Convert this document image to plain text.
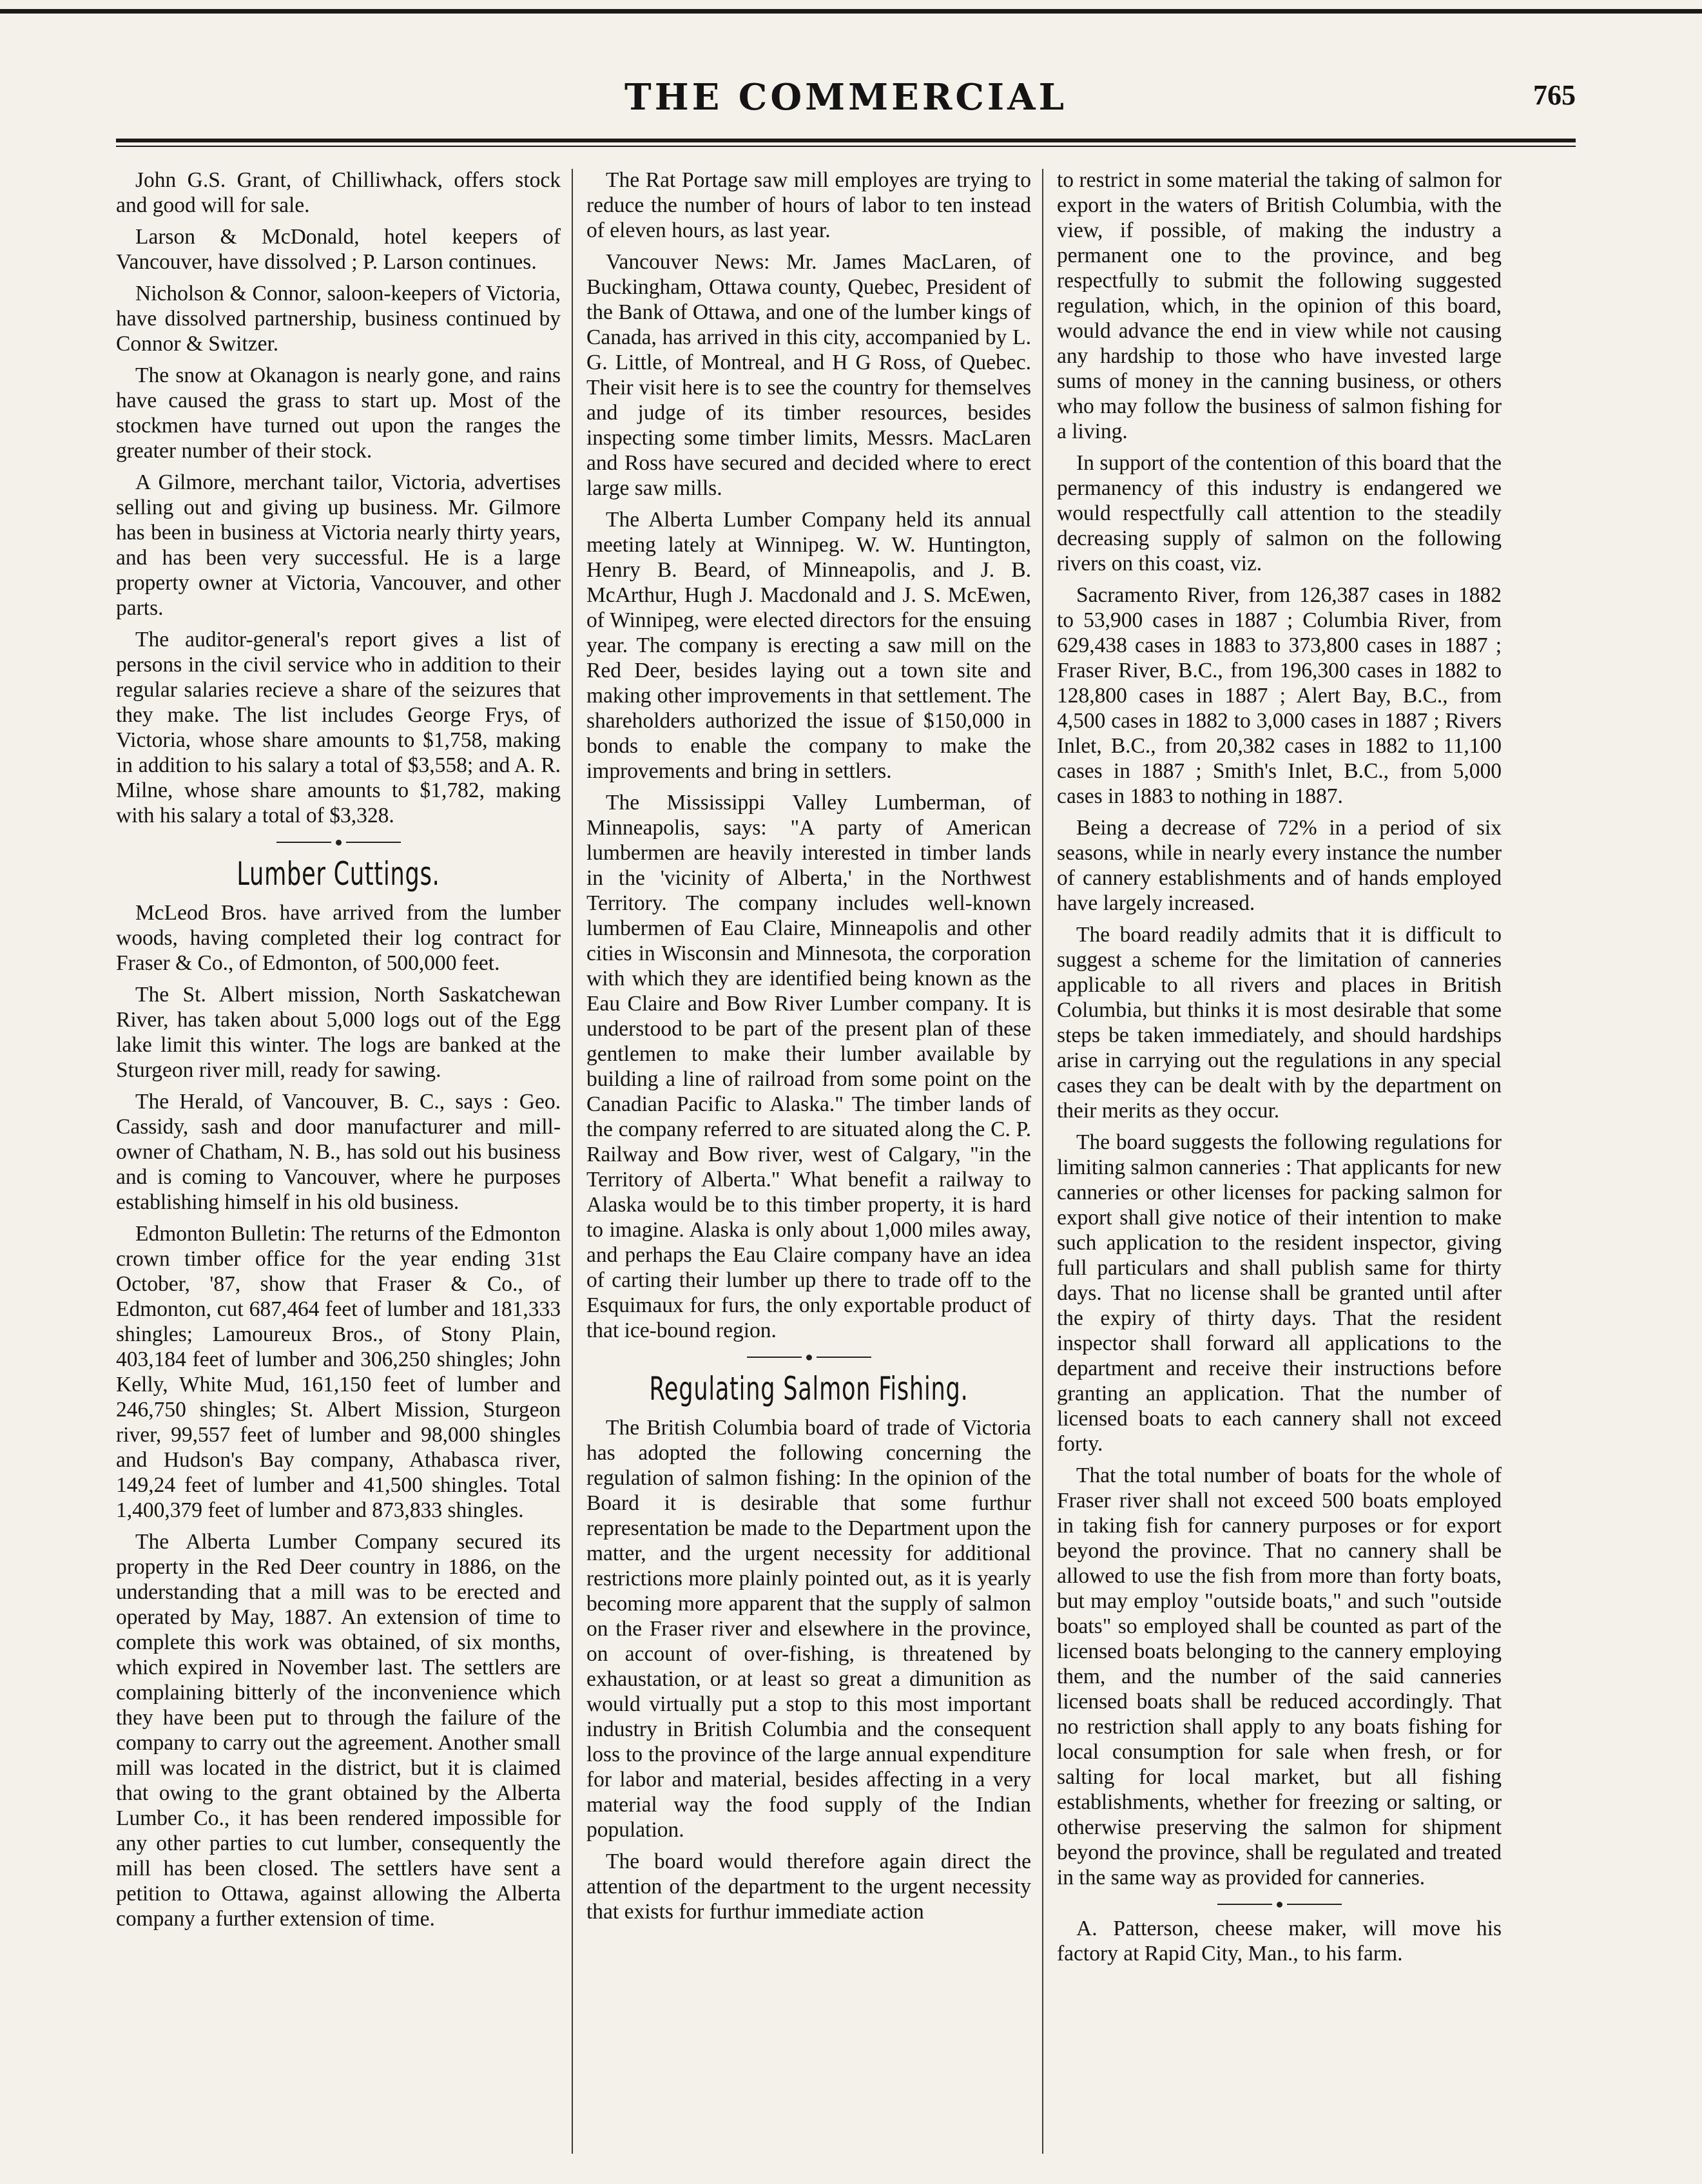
THE COMMERCIAL	765

John G.S. Grant, of Chilliwhack, offers stock and good will for sale.

Larson & McDonald, hotel keepers of Vancouver, have dissolved ; P. Larson continues.

Nicholson & Connor, saloon-keepers of Victoria, have dissolved partnership, business continued by Connor & Switzer.

The snow at Okanagon is nearly gone, and rains have caused the grass to start up. Most of the stockmen have turned out upon the ranges the greater number of their stock.

A Gilmore, merchant tailor, Victoria, advertises selling out and giving up business. Mr. Gilmore has been in business at Victoria nearly thirty years, and has been very successful. He is a large property owner at Victoria, Vancouver, and other parts.

The auditor-general's report gives a list of persons in the civil service who in addition to their regular salaries recieve a share of the seizures that they make. The list includes George Frys, of Victoria, whose share amounts to $1,758, making in addition to his salary a total of $3,558; and A. R. Milne, whose share amounts to $1,782, making with his salary a total of $3,328.

Lumber Cuttings.

McLeod Bros. have arrived from the lumber woods, having completed their log contract for Fraser & Co., of Edmonton, of 500,000 feet.

The St. Albert mission, North Saskatchewan River, has taken about 5,000 logs out of the Egg lake limit this winter. The logs are banked at the Sturgeon river mill, ready for sawing.

The Herald, of Vancouver, B. C., says : Geo. Cassidy, sash and door manufacturer and mill-owner of Chatham, N. B., has sold out his business and is coming to Vancouver, where he purposes establishing himself in his old business.

Edmonton Bulletin: The returns of the Edmonton crown timber office for the year ending 31st October, '87, show that Fraser & Co., of Edmonton, cut 687,464 feet of lumber and 181,333 shingles; Lamoureux Bros., of Stony Plain, 403,184 feet of lumber and 306,250 shingles; John Kelly, White Mud, 161,150 feet of lumber and 246,750 shingles; St. Albert Mission, Sturgeon river, 99,557 feet of lumber and 98,000 shingles and Hudson's Bay company, Athabasca river, 149,24 feet of lumber and 41,500 shingles. Total 1,400,379 feet of lumber and 873,833 shingles.

The Alberta Lumber Company secured its property in the Red Deer country in 1886, on the understanding that a mill was to be erected and operated by May, 1887. An extension of time to complete this work was obtained, of six months, which expired in November last. The settlers are complaining bitterly of the inconvenience which they have been put to through the failure of the company to carry out the agreement. Another small mill was located in the district, but it is claimed that owing to the grant obtained by the Alberta Lumber Co., it has been rendered impossible for any other parties to cut lumber, consequently the mill has been closed. The settlers have sent a petition to Ottawa, against allowing the Alberta company a further extension of time.

The Rat Portage saw mill employes are trying to reduce the number of hours of labor to ten instead of eleven hours, as last year.

Vancouver News: Mr. James MacLaren, of Buckingham, Ottawa county, Quebec, President of the Bank of Ottawa, and one of the lumber kings of Canada, has arrived in this city, accompanied by L. G. Little, of Montreal, and H G Ross, of Quebec. Their visit here is to see the country for themselves and judge of its timber resources, besides inspecting some timber limits, Messrs. MacLaren and Ross have secured and decided where to erect large saw mills.

The Alberta Lumber Company held its annual meeting lately at Winnipeg. W. W. Huntington, Henry B. Beard, of Minneapolis, and J. B. McArthur, Hugh J. Macdonald and J. S. McEwen, of Winnipeg, were elected directors for the ensuing year. The company is erecting a saw mill on the Red Deer, besides laying out a town site and making other improvements in that settlement. The shareholders authorized the issue of $150,000 in bonds to enable the company to make the improvements and bring in settlers.

The Mississippi Valley Lumberman, of Minneapolis, says: "A party of American lumbermen are heavily interested in timber lands in the 'vicinity of Alberta,' in the Northwest Territory. The company includes well-known lumbermen of Eau Claire, Minneapolis and other cities in Wisconsin and Minnesota, the corporation with which they are identified being known as the Eau Claire and Bow River Lumber company. It is understood to be part of the present plan of these gentlemen to make their lumber available by building a line of railroad from some point on the Canadian Pacific to Alaska." The timber lands of the company referred to are situated along the C. P. Railway and Bow river, west of Calgary, "in the Territory of Alberta." What benefit a railway to Alaska would be to this timber property, it is hard to imagine. Alaska is only about 1,000 miles away, and perhaps the Eau Claire company have an idea of carting their lumber up there to trade off to the Esquimaux for furs, the only exportable product of that ice-bound region.

Regulating Salmon Fishing.

The British Columbia board of trade of Victoria has adopted the following concerning the regulation of salmon fishing: In the opinion of the Board it is desirable that some furthur representation be made to the Department upon the matter, and the urgent necessity for additional restrictions more plainly pointed out, as it is yearly becoming more apparent that the supply of salmon on the Fraser river and elsewhere in the province, on account of over-fishing, is threatened by exhaustation, or at least so great a dimunition as would virtually put a stop to this most important industry in British Columbia and the consequent loss to the province of the large annual expenditure for labor and material, besides affecting in a very material way the food supply of the Indian population.

The board would therefore again direct the attention of the department to the urgent necessity that exists for furthur immediate action

to restrict in some material the taking of salmon for export in the waters of British Columbia, with the view, if possible, of making the industry a permanent one to the province, and beg respectfully to submit the following suggested regulation, which, in the opinion of this board, would advance the end in view while not causing any hardship to those who have invested large sums of money in the canning business, or others who may follow the business of salmon fishing for a living.

In support of the contention of this board that the permanency of this industry is endangered we would respectfully call attention to the steadily decreasing supply of salmon on the following rivers on this coast, viz.

Sacramento River, from 126,387 cases in 1882 to 53,900 cases in 1887 ; Columbia River, from 629,438 cases in 1883 to 373,800 cases in 1887 ; Fraser River, B.C., from 196,300 cases in 1882 to 128,800 cases in 1887 ; Alert Bay, B.C., from 4,500 cases in 1882 to 3,000 cases in 1887 ; Rivers Inlet, B.C., from 20,382 cases in 1882 to 11,100 cases in 1887 ; Smith's Inlet, B.C., from 5,000 cases in 1883 to nothing in 1887.

Being a decrease of 72% in a period of six seasons, while in nearly every instance the number of cannery establishments and of hands employed have largely increased.

The board readily admits that it is difficult to suggest a scheme for the limitation of canneries applicable to all rivers and places in British Columbia, but thinks it is most desirable that some steps be taken immediately, and should hardships arise in carrying out the regulations in any special cases they can be dealt with by the department on their merits as they occur.

The board suggests the following regulations for limiting salmon canneries : That applicants for new canneries or other licenses for packing salmon for export shall give notice of their intention to make such application to the resident inspector, giving full particulars and shall publish same for thirty days. That no license shall be granted until after the expiry of thirty days. That the resident inspector shall forward all applications to the department and receive their instructions before granting an application. That the number of licensed boats to each cannery shall not exceed forty.

That the total number of boats for the whole of Fraser river shall not exceed 500 boats employed in taking fish for cannery purposes or for export beyond the province. That no cannery shall be allowed to use the fish from more than forty boats, but may employ "outside boats," and such "outside boats" so employed shall be counted as part of the licensed boats belonging to the cannery employing them, and the number of the said canneries licensed boats shall be reduced accordingly. That no restriction shall apply to any boats fishing for local consumption for sale when fresh, or for salting for local market, but all fishing establishments, whether for freezing or salting, or otherwise preserving the salmon for shipment beyond the province, shall be regulated and treated in the same way as provided for canneries.

A. Patterson, cheese maker, will move his factory at Rapid City, Man., to his farm.
